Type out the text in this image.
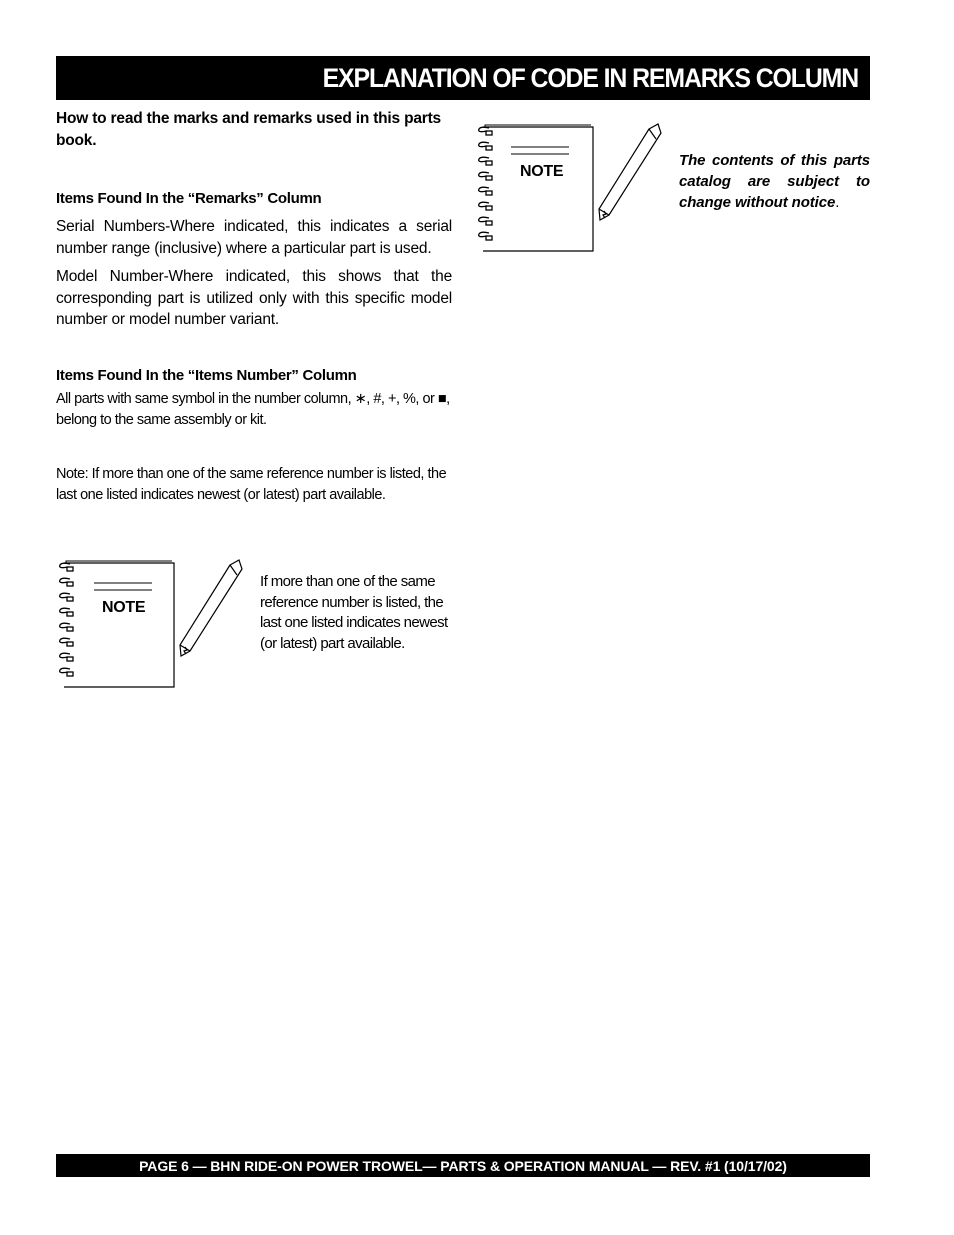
EXPLANATION OF CODE IN REMARKS COLUMN

How to read the marks and remarks used in this parts book.

Items Found In the “Remarks” Column

Serial Numbers-Where indicated, this indicates a serial number range (inclusive) where a particular part is used.

Model Number-Where indicated, this shows that the corresponding part is utilized only with this specific model number or model number variant.

Items Found In the “Items Number” Column

All parts with same symbol in the number column, ∗, #, +, %, or ■, belong to the same assembly or kit.

Note: If more than one of the same reference number is listed, the last one listed indicates newest (or latest) part available.

NOTE
If more than one of the same reference number is listed, the last one listed indicates newest (or latest) part available.
NOTE
The contents of this parts catalog are subject to change without notice.
PAGE 6 — BHN RIDE-ON POWER TROWEL— PARTS & OPERATION MANUAL — REV. #1 (10/17/02)
